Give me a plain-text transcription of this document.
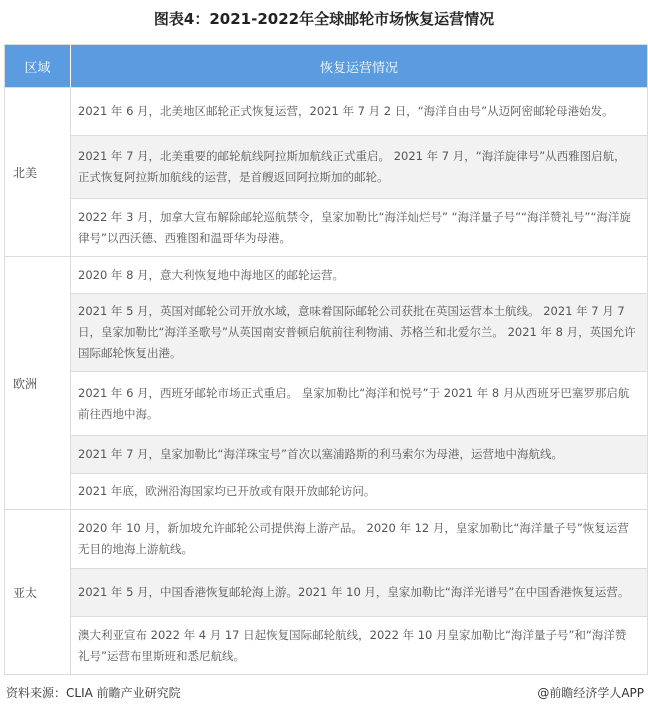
图表4：2021-2022年全球邮轮市场恢复运营情况
区域	恢复运营情况
北美
2021 年 6 月，北美地区邮轮正式恢复运营，2021 年 7 月 2 日，“海洋自由号”从迈阿密邮轮母港始发。
2021 年 7 月，北美重要的邮轮航线阿拉斯加航线正式重启。 2021 年 7 月，“海洋旋律号”从西雅图启航，正式恢复阿拉斯加航线的运营，是首艘返回阿拉斯加的邮轮。
2022 年 3 月，加拿大宣布解除邮轮巡航禁令，皇家加勒比“海洋灿烂号” “海洋量子号”“海洋赞礼号”“海洋旋律号”以西沃德、西雅图和温哥华为母港。
欧洲
2020 年 8 月，意大利恢复地中海地区的邮轮运营。
2021 年 5 月，英国对邮轮公司开放水域，意味着国际邮轮公司获批在英国运营本土航线。 2021 年 7 月 7 日，皇家加勒比“海洋圣歌号”从英国南安普顿启航前往利物浦、苏格兰和北爱尔兰。 2021 年 8 月，英国允许国际邮轮恢复出港。
2021 年 6 月，西班牙邮轮市场正式重启。 皇家加勒比“海洋和悦号”于 2021 年 8 月从西班牙巴塞罗那启航前往西地中海。
2021 年 7 月，皇家加勒比“海洋珠宝号”首次以塞浦路斯的利马索尔为母港，运营地中海航线。
2021 年底，欧洲沿海国家均已开放或有限开放邮轮访问。
亚太
2020 年 10 月，新加坡允许邮轮公司提供海上游产品。 2020 年 12 月，皇家加勒比“海洋量子号”恢复运营无目的地海上游航线。
2021 年 5 月，中国香港恢复邮轮海上游。2021 年 10 月，皇家加勒比“海洋光谱号”在中国香港恢复运营。
澳大利亚宣布 2022 年 4 月 17 日起恢复国际邮轮航线，2022 年 10 月皇家加勒比“海洋量子号”和“海洋赞礼号”运营布里斯班和悉尼航线。
资料来源：CLIA 前瞻产业研究院	@前瞻经济学人APP
